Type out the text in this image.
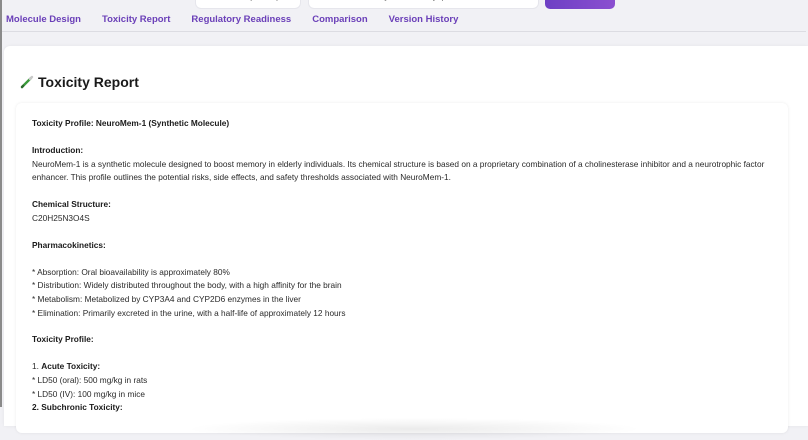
Boost memory in Elderly person
Molecule Design Toxicity Report Regulatory Readiness Comparison Version History
Toxicity Report
Toxicity Profile: NeuroMem-1 (Synthetic Molecule)
Introduction:
NeuroMem-1 is a synthetic molecule designed to boost memory in elderly individuals. Its chemical structure is based on a proprietary combination of a cholinesterase inhibitor and a neurotrophic factor enhancer. This profile outlines the potential risks, side effects, and safety thresholds associated with NeuroMem-1.
Chemical Structure:
C20H25N3O4S
Pharmacokinetics:
* Absorption: Oral bioavailability is approximately 80%
* Distribution: Widely distributed throughout the body, with a high affinity for the brain
* Metabolism: Metabolized by CYP3A4 and CYP2D6 enzymes in the liver
* Elimination: Primarily excreted in the urine, with a half-life of approximately 12 hours
Toxicity Profile:
1. Acute Toxicity:
* LD50 (oral): 500 mg/kg in rats
* LD50 (IV): 100 mg/kg in mice
2. Subchronic Toxicity:
